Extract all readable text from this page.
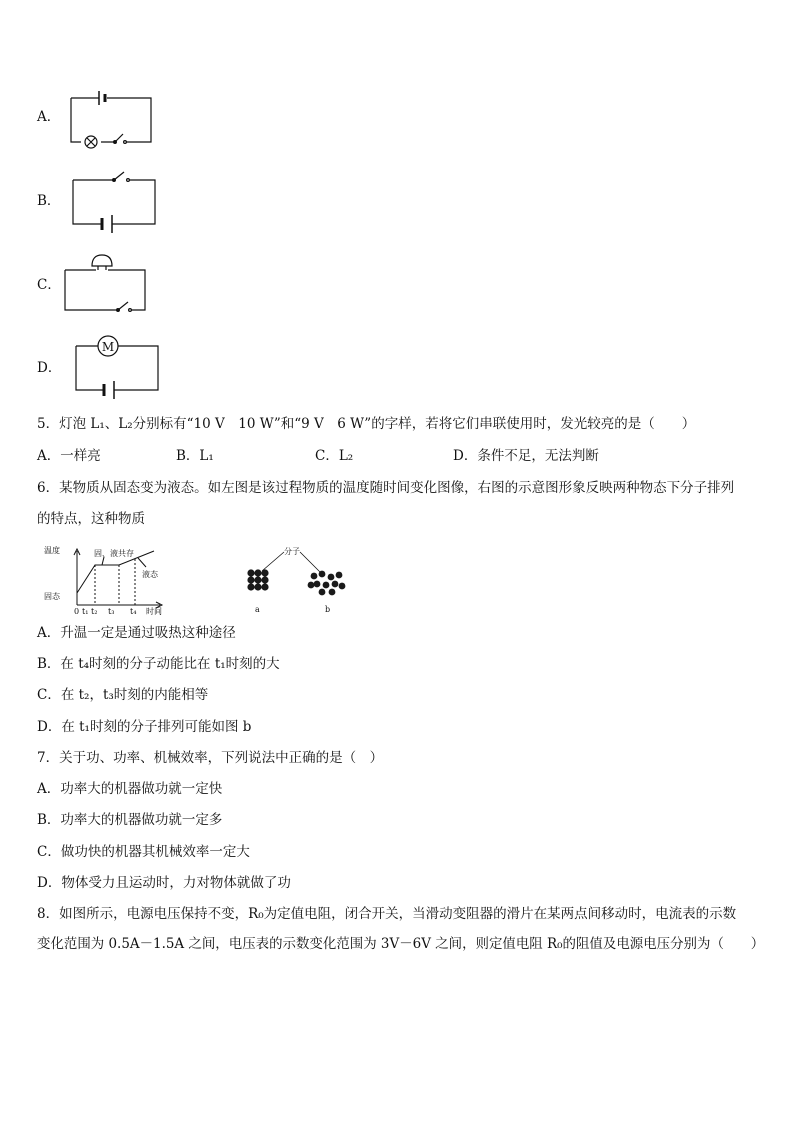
A．
B．
C．
D．
M
5．灯泡 L₁、L₂分别标有“10 V　10 W”和“9 V　6 W”的字样，若将它们串联使用时，发光较亮的是（　　）
A．一样亮	B．L₁	C．L₂	D．条件不足，无法判断
6．某物质从固态变为液态。如左图是该过程物质的温度随时间变化图像，右图的示意图形象反映两种物态下分子排列
的特点，这种物质
温度
固态
固、液共存
液态
0 t₁ t₂ t₃ t₄ 时间
分子
a	b
A．升温一定是通过吸热这种途径
B．在 t₄时刻的分子动能比在 t₁时刻的大
C．在 t₂，t₃时刻的内能相等
D．在 t₁时刻的分子排列可能如图 b
7．关于功、功率、机械效率，下列说法中正确的是（　）
A．功率大的机器做功就一定快
B．功率大的机器做功就一定多
C．做功快的机器其机械效率一定大
D．物体受力且运动时，力对物体就做了功
8．如图所示，电源电压保持不变，R₀为定值电阻，闭合开关，当滑动变阻器的滑片在某两点间移动时，电流表的示数
变化范围为 0.5A－1.5A 之间，电压表的示数变化范围为 3V－6V 之间，则定值电阻 R₀的阻值及电源电压分别为（　　）
